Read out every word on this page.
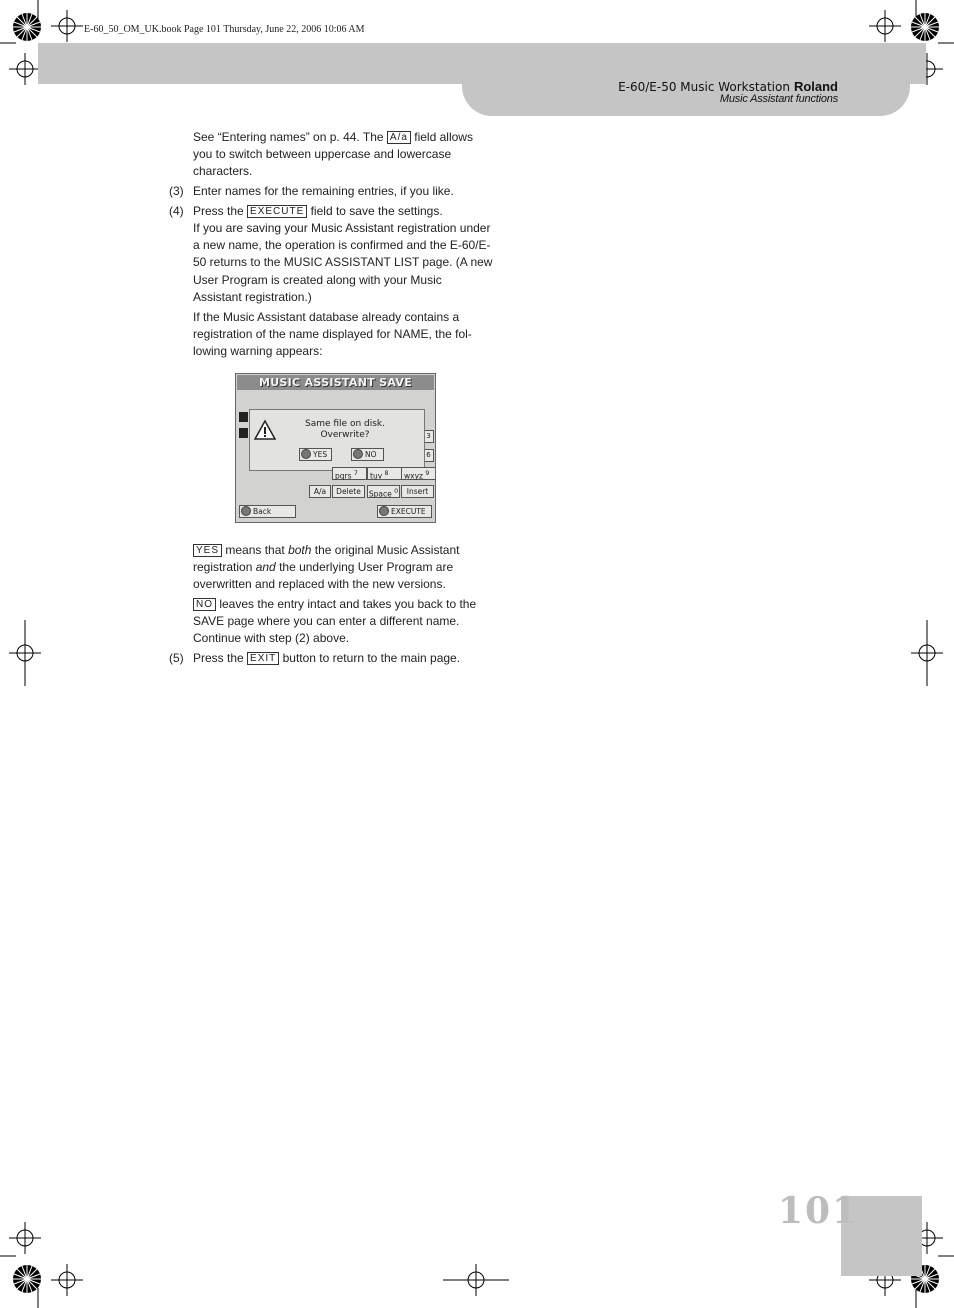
E-60_50_OM_UK.book Page 101 Thursday, June 22, 2006 10:06 AM
E-60/E-50 Music Workstation Roland
Music Assistant functions
See “Entering names” on p. 44. The A/a field allows you to switch between uppercase and lowercase characters.
(3) Enter names for the remaining entries, if you like.
(4) Press the EXECUTE field to save the settings.
If you are saving your Music Assistant registration under a new name, the operation is confirmed and the E-60/E-50 returns to the MUSIC ASSISTANT LIST page. (A new User Program is created along with your Music Assistant registration.)
If the Music Assistant database already contains a registration of the name displayed for NAME, the fol-lowing warning appears:
MUSIC ASSISTANT SAVE
3
6
Same file on disk.
Overwrite?
YES	NO
pqrs $^7$	tuv $^8$	wxyz $^9$
A/a	Delete	Space $^0$	Insert
Back	EXECUTE
YES means that both the original Music Assistant registration and the underlying User Program are overwritten and replaced with the new versions.
NO leaves the entry intact and takes you back to the SAVE page where you can enter a different name. Continue with step (2) above.
(5) Press the EXIT button to return to the main page.
101
